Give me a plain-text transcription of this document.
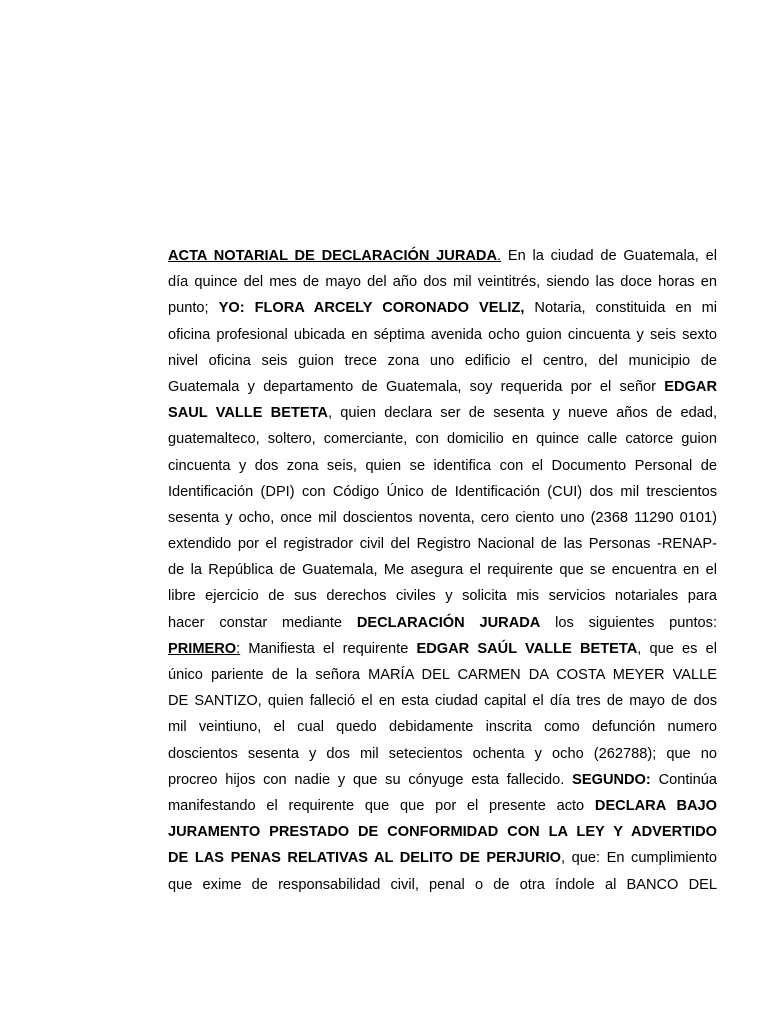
ACTA NOTARIAL DE DECLARACIÓN JURADA. En la ciudad de Guatemala, el
día quince del mes de mayo del año dos mil veintitrés, siendo las doce horas en
punto; YO: FLORA ARCELY CORONADO VELIZ, Notaria, constituida en mi
oficina profesional ubicada en séptima avenida ocho guion cincuenta y seis sexto
nivel oficina seis guion trece zona uno edificio el centro, del municipio de
Guatemala y departamento de Guatemala, soy requerida por el señor EDGAR
SAUL VALLE BETETA, quien declara ser de sesenta y nueve años de edad,
guatemalteco, soltero, comerciante, con domicilio en quince calle catorce guion
cincuenta y dos zona seis, quien se identifica con el Documento Personal de
Identificación (DPI) con Código Único de Identificación (CUI) dos mil trescientos
sesenta y ocho, once mil doscientos noventa, cero ciento uno (2368 11290 0101)
extendido por el registrador civil del Registro Nacional de las Personas -RENAP-
de la República de Guatemala, Me asegura el requirente que se encuentra en el
libre ejercicio de sus derechos civiles y solicita mis servicios notariales para
hacer constar mediante DECLARACIÓN JURADA los siguientes puntos:
PRIMERO: Manifiesta el requirente EDGAR SAÚL VALLE BETETA, que es el
único pariente de la señora MARÍA DEL CARMEN DA COSTA MEYER VALLE
DE SANTIZO, quien falleció el en esta ciudad capital el día tres de mayo de dos
mil veintiuno, el cual quedo debidamente inscrita como defunción numero
doscientos sesenta y dos mil setecientos ochenta y ocho (262788); que no
procreo hijos con nadie y que su cónyuge esta fallecido. SEGUNDO: Continúa
manifestando el requirente que que por el presente acto DECLARA BAJO
JURAMENTO PRESTADO DE CONFORMIDAD CON LA LEY Y ADVERTIDO
DE LAS PENAS RELATIVAS AL DELITO DE PERJURIO, que: En cumplimiento
que exime de responsabilidad civil, penal o de otra índole al BANCO DEL
